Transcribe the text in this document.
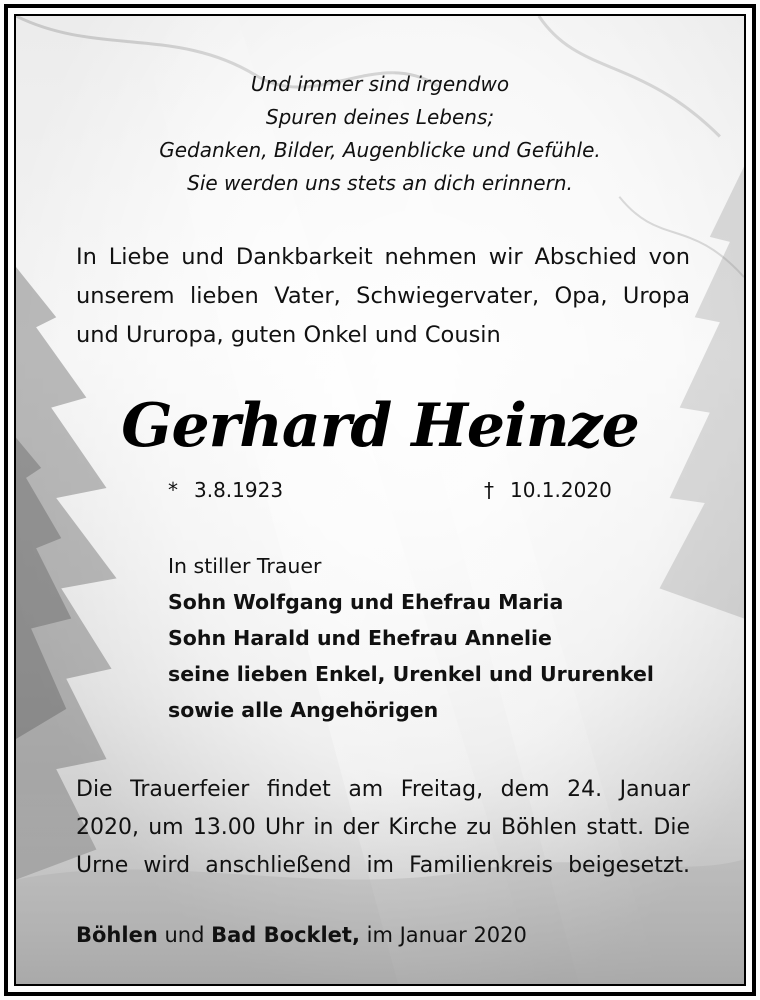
Und immer sind irgendwo
Spuren deines Lebens;
Gedanken, Bilder, Augenblicke und Gefühle.
Sie werden uns stets an dich erinnern.
In Liebe und Dankbarkeit nehmen wir Abschied von
unserem lieben Vater, Schwiegervater, Opa, Uropa
und Ururopa, guten Onkel und Cousin
Gerhard Heinze
* 3.8.1923	† 10.1.2020
In stiller Trauer
Sohn Wolfgang und Ehefrau Maria
Sohn Harald und Ehefrau Annelie
seine lieben Enkel, Urenkel und Ururenkel
sowie alle Angehörigen
Die Trauerfeier findet am Freitag, dem 24. Januar
2020, um 13.00 Uhr in der Kirche zu Böhlen statt. Die
Urne wird anschließend im Familienkreis beigesetzt.
Böhlen und Bad Bocklet, im Januar 2020
